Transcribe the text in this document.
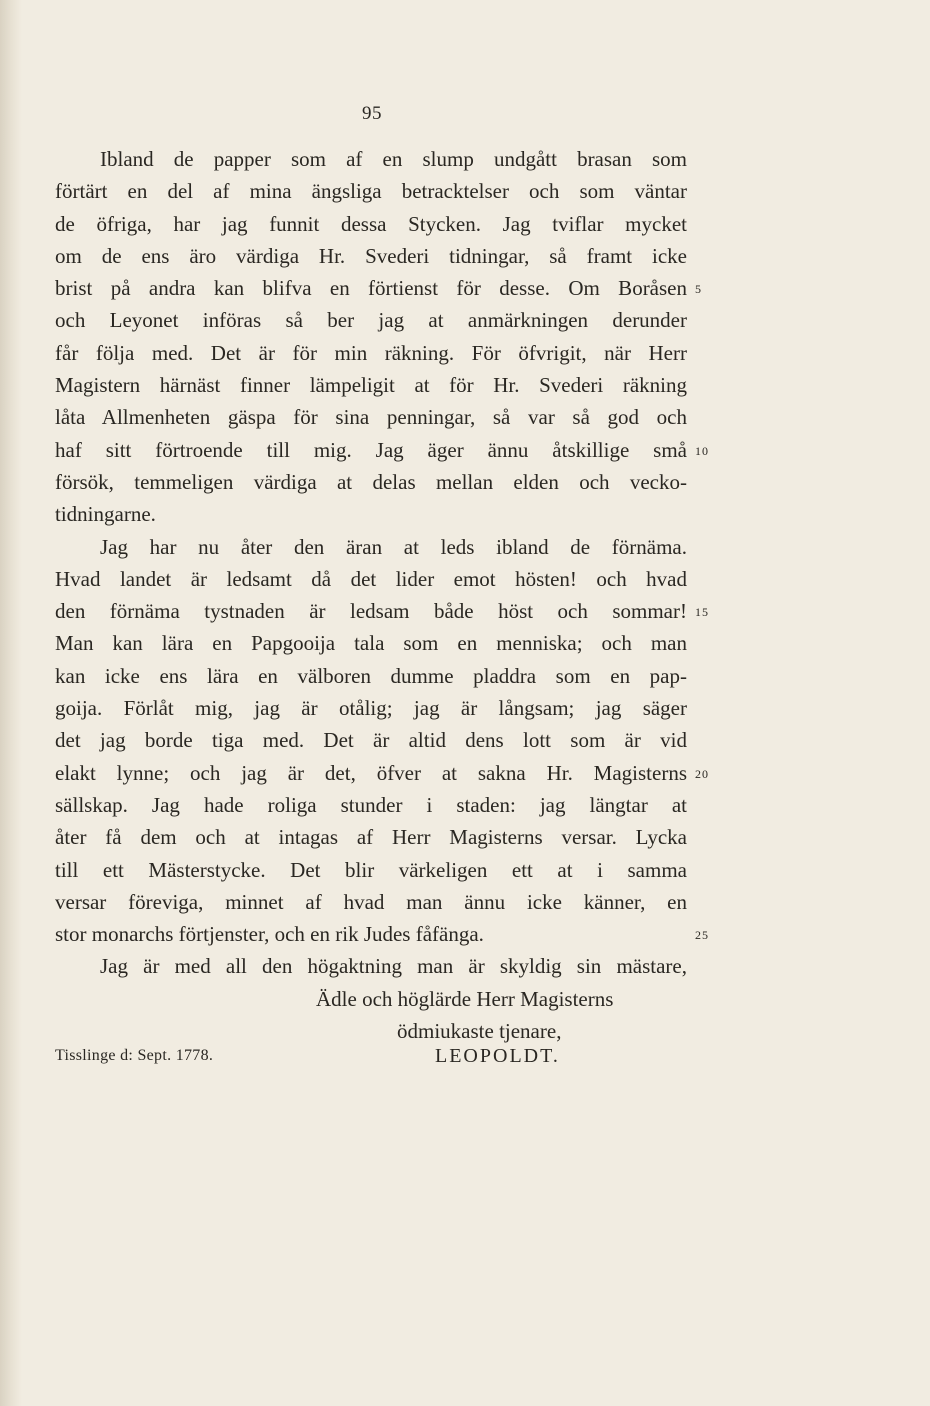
95
Ibland de papper som af en slump undgått brasan som
förtärt en del af mina ängsliga betracktelser och som väntar
de öfriga, har jag funnit dessa Stycken. Jag tviflar mycket
om de ens äro värdiga Hr. Svederi tidningar, så framt icke
brist på andra kan blifva en förtienst för desse. Om Boråsen 5
och Leyonet införas så ber jag at anmärkningen derunder
får följa med. Det är för min räkning. För öfvrigit, när Herr
Magistern härnäst finner lämpeligit at för Hr. Svederi räkning
låta Allmenheten gäspa för sina penningar, så var så god och
haf sitt förtroende till mig. Jag äger ännu åtskillige små 10
försök, temmeligen värdiga at delas mellan elden och vecko-
tidningarne.
Jag har nu åter den äran at leds ibland de förnäma.
Hvad landet är ledsamt då det lider emot hösten! och hvad
den förnäma tystnaden är ledsam både höst och sommar! 15
Man kan lära en Papgooija tala som en menniska; och man
kan icke ens lära en välboren dumme pladdra som en pap-
goija. Förlåt mig, jag är otålig; jag är långsam; jag säger
det jag borde tiga med. Det är altid dens lott som är vid
elakt lynne; och jag är det, öfver at sakna Hr. Magisterns 20
sällskap. Jag hade roliga stunder i staden: jag längtar at
åter få dem och at intagas af Herr Magisterns versar. Lycka
till ett Mästerstycke. Det blir värkeligen ett at i samma
versar föreviga, minnet af hvad man ännu icke känner, en
stor monarchs förtjenster, och en rik Judes fåfänga.	25
Jag är med all den högaktning man är skyldig sin mästare,
Ädle och höglärde Herr Magisterns
ödmiukaste tjenare,
Tisslinge d: Sept. 1778.	LEOPOLDT.
